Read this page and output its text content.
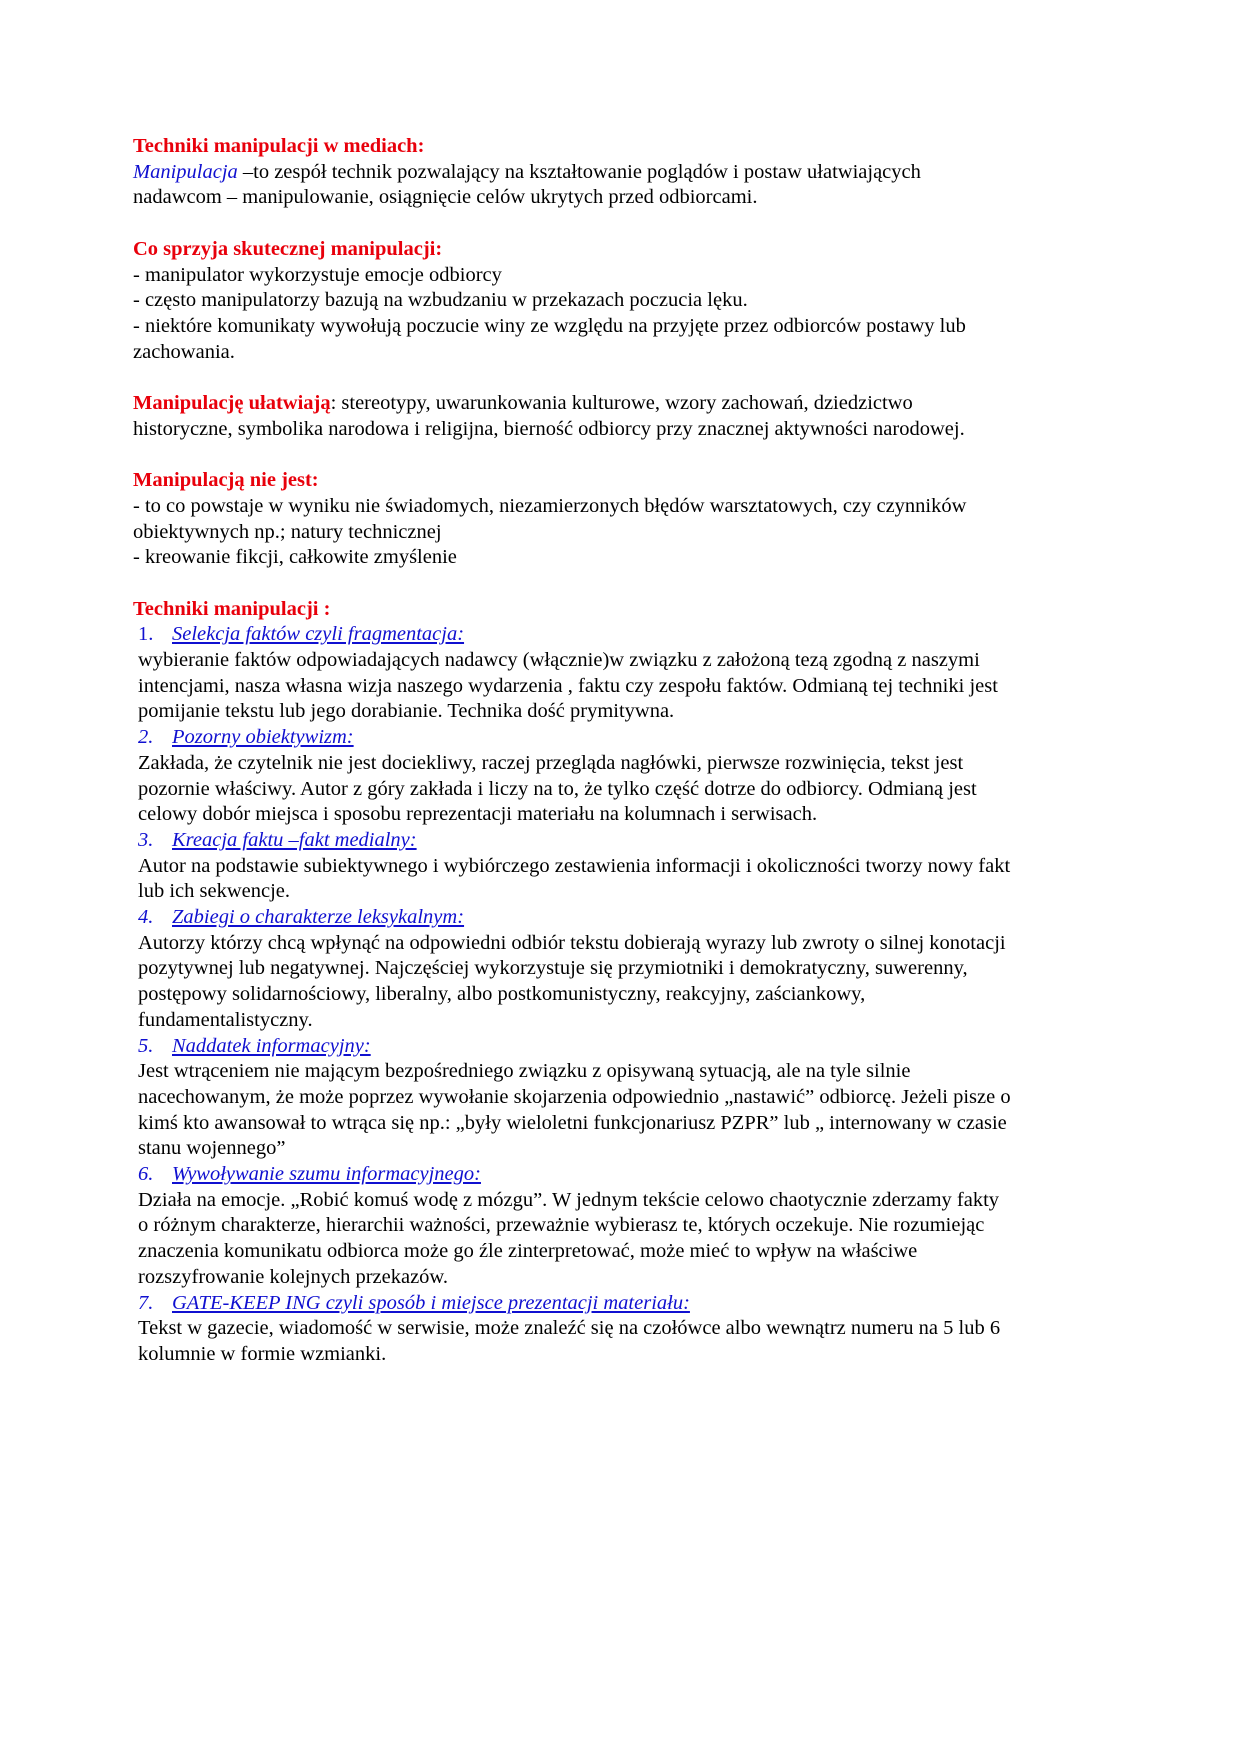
Techniki manipulacji w mediach:

Manipulacja –to zespół technik pozwalający na kształtowanie poglądów i postaw ułatwiających nadawcom – manipulowanie, osiągnięcie celów ukrytych przed odbiorcami.

Co sprzyja skutecznej manipulacji:

- manipulator wykorzystuje emocje odbiorcy

- często manipulatorzy bazują na wzbudzaniu w przekazach poczucia lęku.

- niektóre komunikaty wywołują poczucie winy ze względu na przyjęte przez odbiorców postawy lub zachowania.

Manipulację ułatwiają: stereotypy, uwarunkowania kulturowe, wzory zachowań, dziedzictwo historyczne, symbolika narodowa i religijna, bierność odbiorcy przy znacznej aktywności narodowej.

Manipulacją nie jest:

- to co powstaje w wyniku nie świadomych, niezamierzonych błędów warsztatowych, czy czynników obiektywnych np.; natury technicznej

- kreowanie fikcji, całkowite zmyślenie

Techniki manipulacji :

1. Selekcja faktów czyli fragmentacja:

wybieranie faktów odpowiadających nadawcy (włącznie)w związku z założoną tezą zgodną z naszymi intencjami, nasza własna wizja naszego wydarzenia , faktu czy zespołu faktów. Odmianą tej techniki jest pomijanie tekstu lub jego dorabianie. Technika dość prymitywna.

2. Pozorny obiektywizm:

Zakłada, że czytelnik nie jest dociekliwy, raczej przegląda nagłówki, pierwsze rozwinięcia, tekst jest pozornie właściwy. Autor z góry zakłada i liczy na to, że tylko część dotrze do odbiorcy. Odmianą jest celowy dobór miejsca i sposobu reprezentacji materiału na kolumnach i serwisach.

3. Kreacja faktu –fakt medialny:

Autor na podstawie subiektywnego i wybiórczego zestawienia informacji i okoliczności tworzy nowy fakt lub ich sekwencje.

4. Zabiegi o charakterze leksykalnym:

Autorzy którzy chcą wpłynąć na odpowiedni odbiór tekstu dobierają wyrazy lub zwroty o silnej konotacji pozytywnej lub negatywnej. Najczęściej wykorzystuje się przymiotniki i demokratyczny, suwerenny, postępowy solidarnościowy, liberalny, albo postkomunistyczny, reakcyjny, zaściankowy, fundamentalistyczny.

5. Naddatek informacyjny:

Jest wtrąceniem nie mającym bezpośredniego związku z opisywaną sytuacją, ale na tyle silnie nacechowanym, że może poprzez wywołanie skojarzenia odpowiednio „nastawić” odbiorcę. Jeżeli pisze o kimś kto awansował to wtrąca się np.: „były wieloletni funkcjonariusz PZPR” lub „ internowany w czasie stanu wojennego”

6. Wywoływanie szumu informacyjnego:

Działa na emocje. „Robić komuś wodę z mózgu”. W jednym tekście celowo chaotycznie zderzamy fakty o różnym charakterze, hierarchii ważności, przeważnie wybierasz te, których oczekuje. Nie rozumiejąc znaczenia komunikatu odbiorca może go źle zinterpretować, może mieć to wpływ na właściwe rozszyfrowanie kolejnych przekazów.

7. GATE-KEEP ING czyli sposób i miejsce prezentacji materiału:

Tekst w gazecie, wiadomość w serwisie, może znaleźć się na czołówce albo wewnątrz numeru na 5 lub 6 kolumnie w formie wzmianki.
